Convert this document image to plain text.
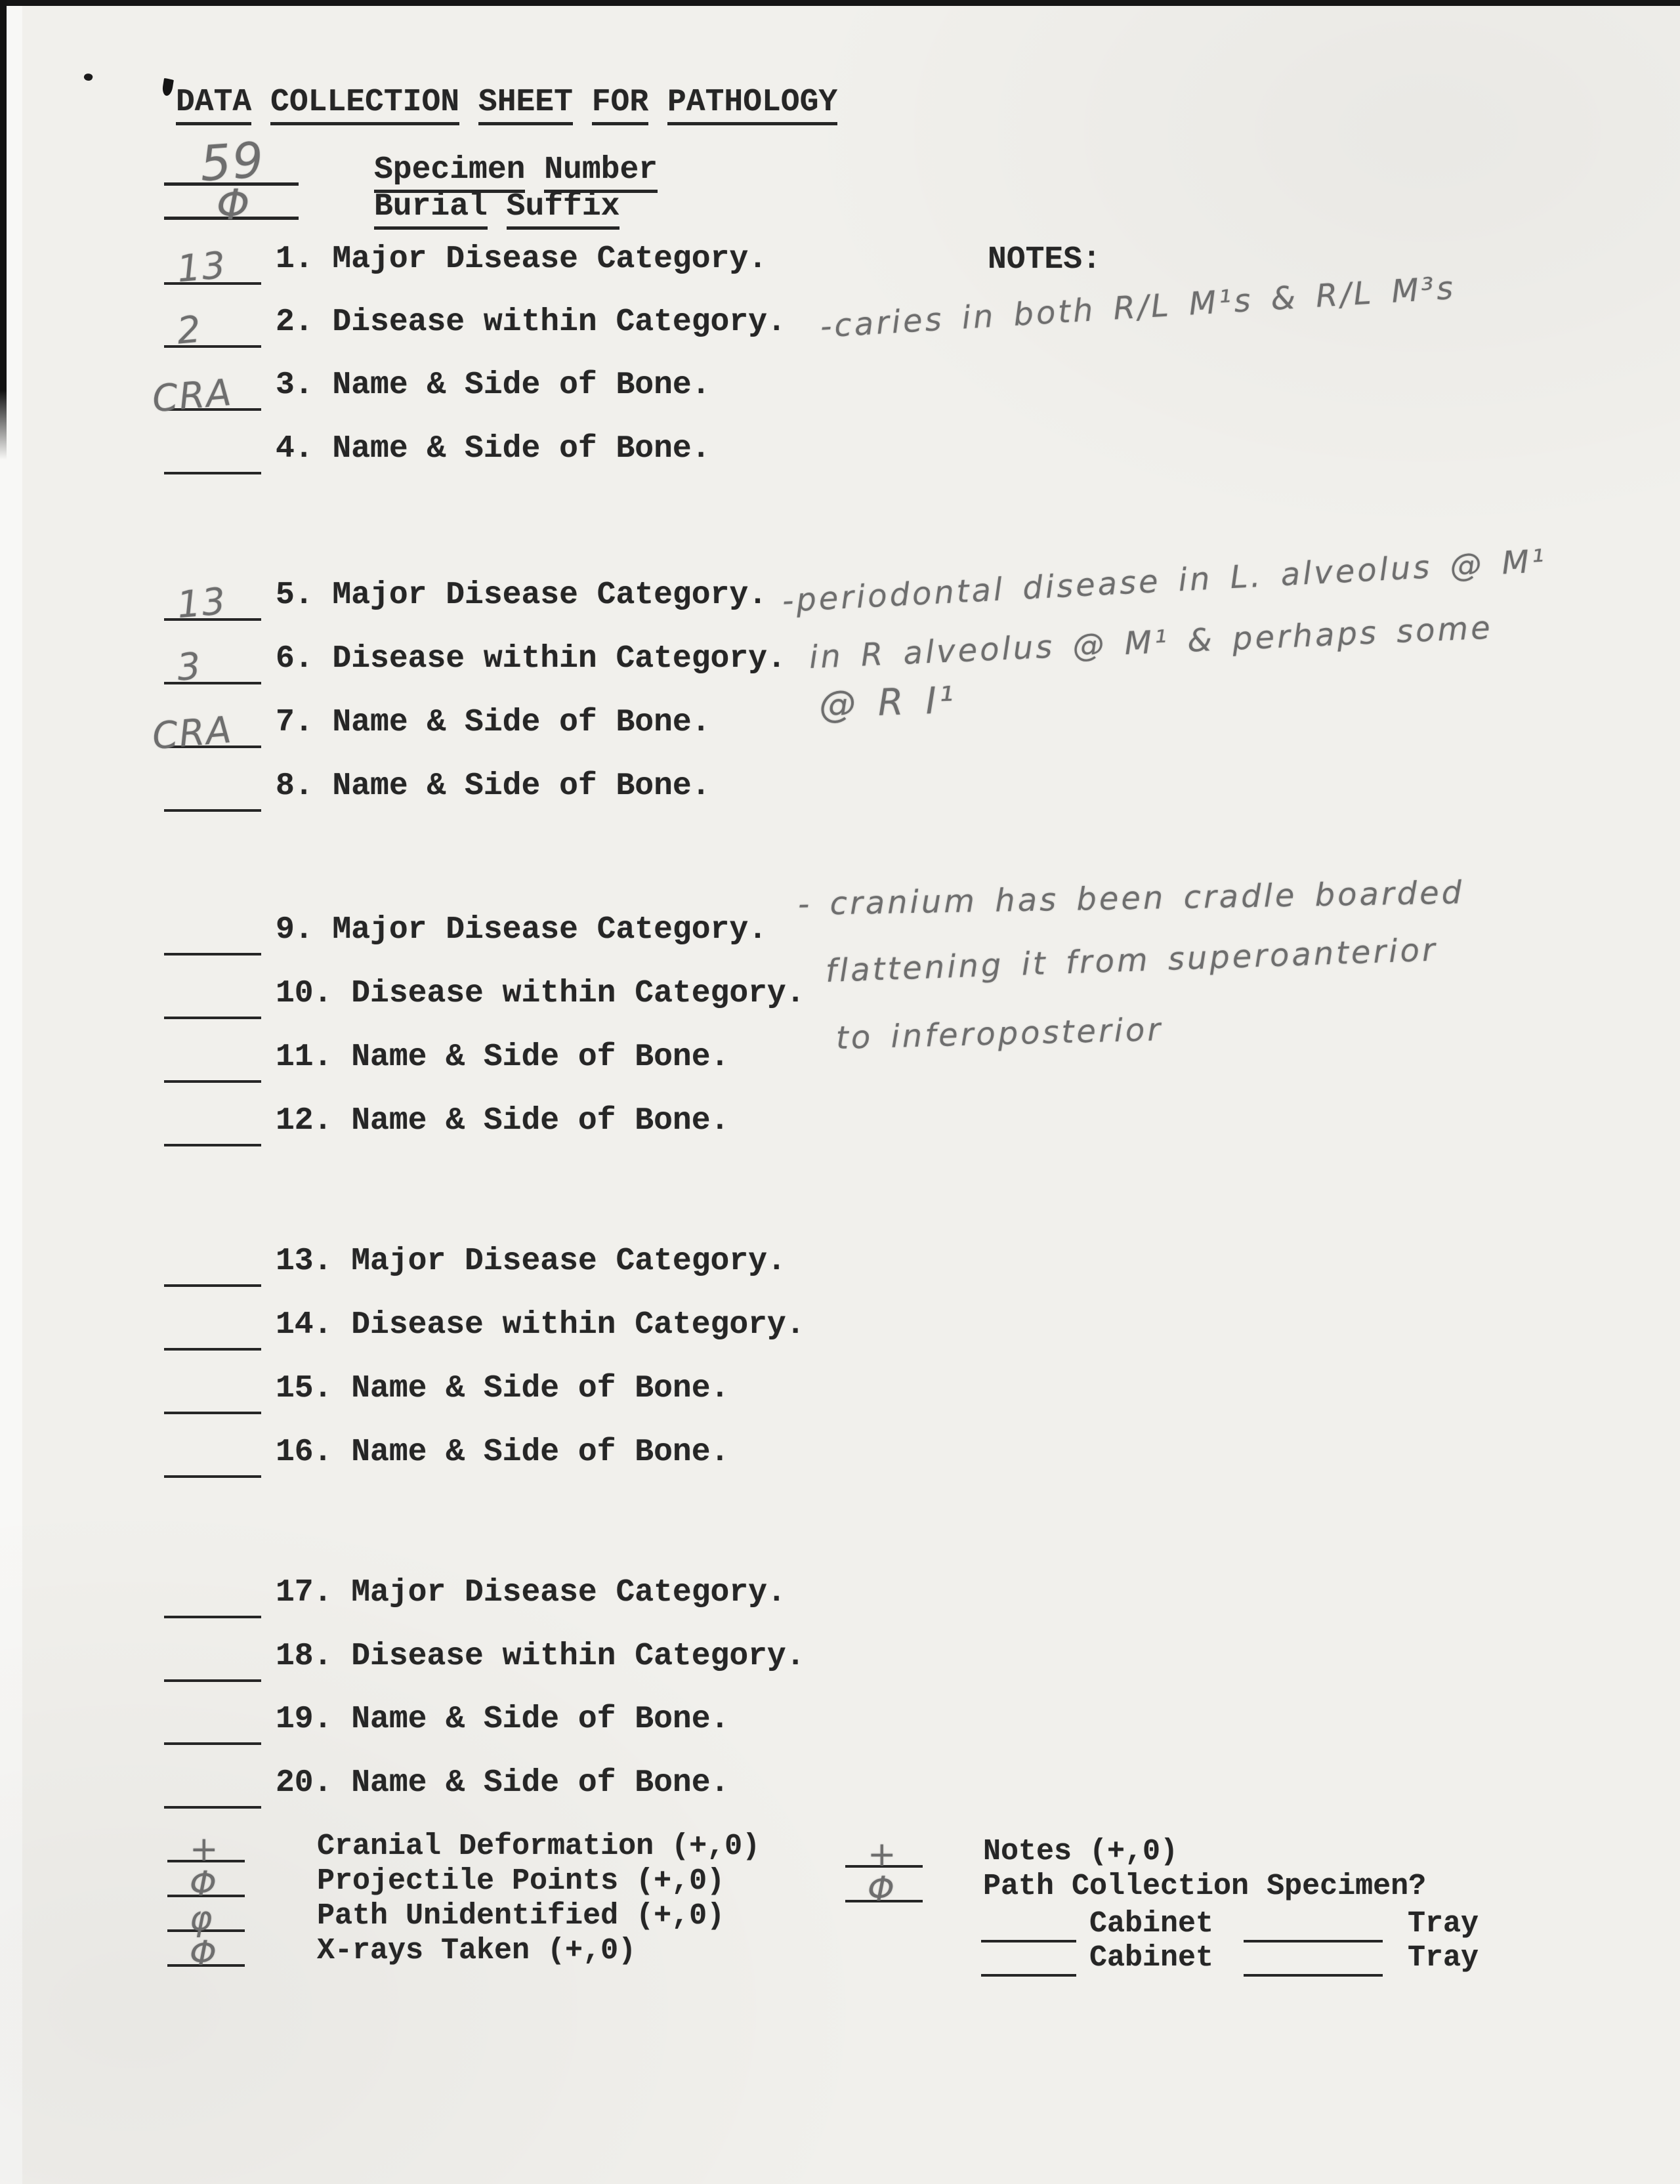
DATA COLLECTION SHEET FOR PATHOLOGY
59	Specimen Number
Φ	Burial Suffix
NOTES:
13 1. Major Disease Category.
2 2. Disease within Category.
CRA 3. Name & Side of Bone.
4. Name & Side of Bone.
13 5. Major Disease Category.
3 6. Disease within Category.
CRA 7. Name & Side of Bone.
8. Name & Side of Bone.
9. Major Disease Category.
10. Disease within Category.
11. Name & Side of Bone.
12. Name & Side of Bone.
13. Major Disease Category.
14. Disease within Category.
15. Name & Side of Bone.
16. Name & Side of Bone.
17. Major Disease Category.
18. Disease within Category.
19. Name & Side of Bone.
20. Name & Side of Bone.
-caries in both R/L M¹s & R/L M³s
-periodontal disease in L. alveolus @ M¹
in R alveolus @ M¹ & perhaps some
@ R I¹
- cranium has been cradle boarded
flattening it from superoanterior
to inferoposterior
+	Cranial Deformation (+,0)
Φ	Projectile Points (+,0)
φ	Path Unidentified (+,0)
Φ	X-rays Taken (+,0)
+	Notes (+,0)
Φ	Path Collection Specimen?
Cabinet	Tray
Cabinet	Tray
